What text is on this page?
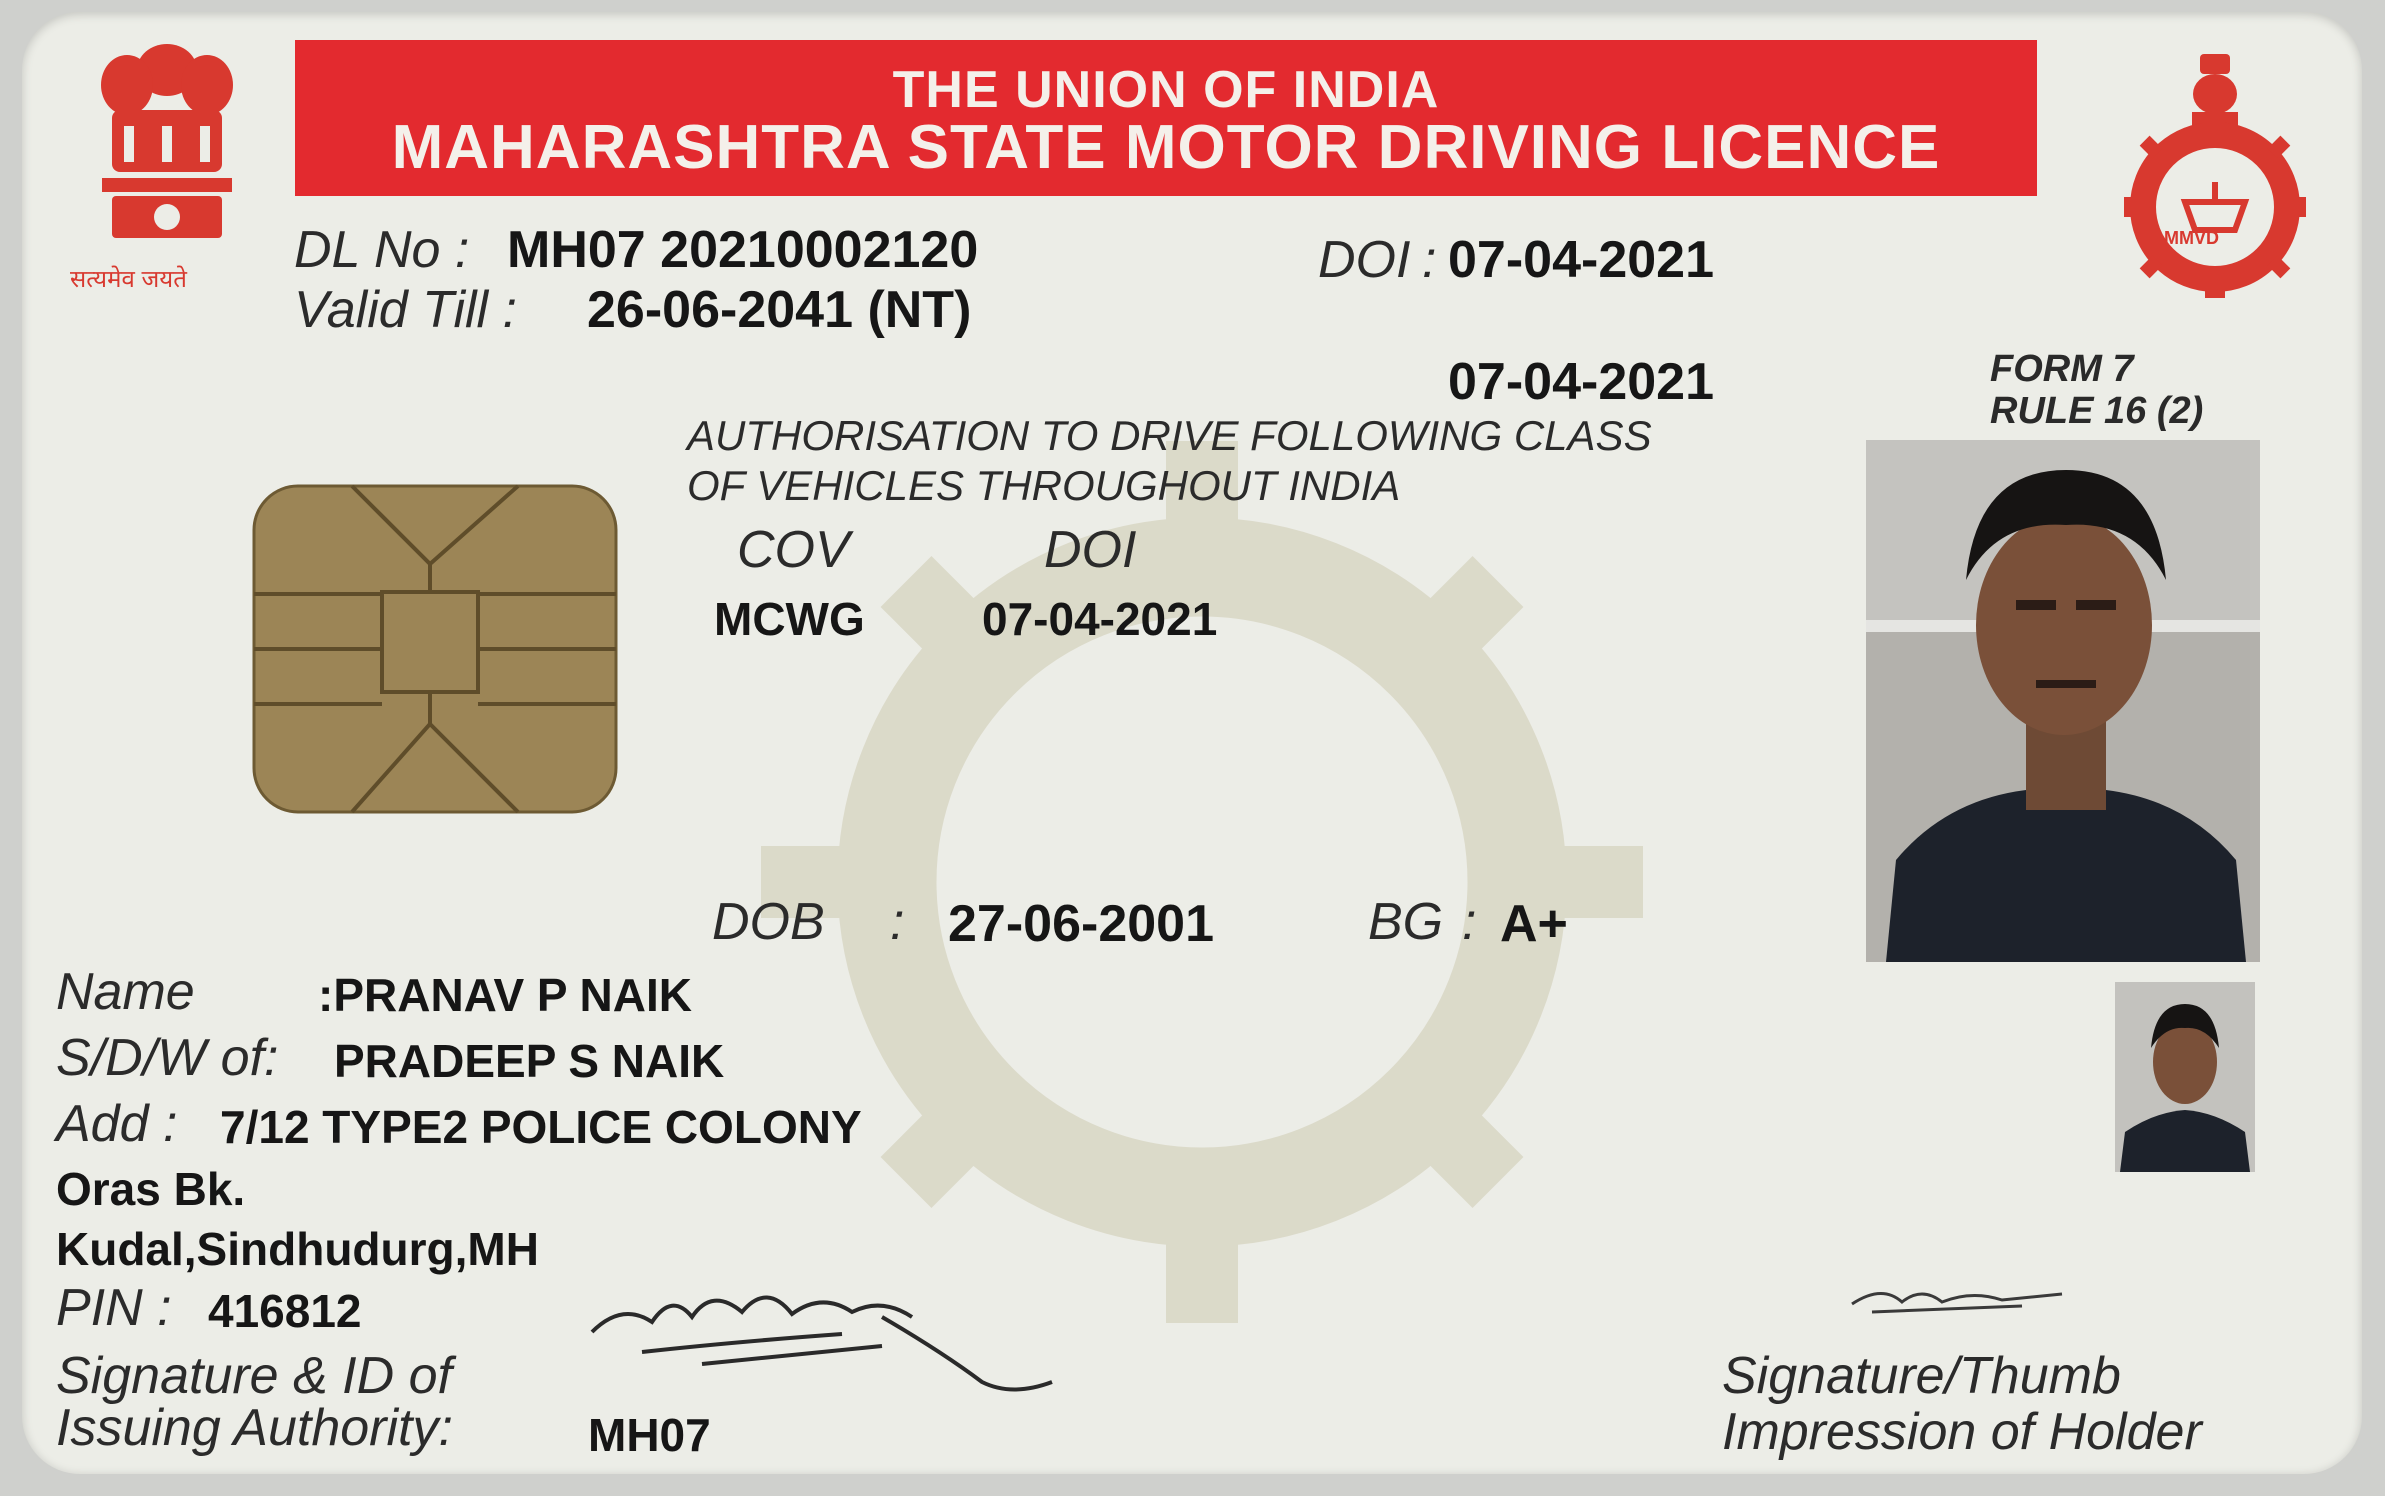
सत्यमेव जयते
THE UNION OF INDIA
MAHARASHTRA STATE MOTOR DRIVING LICENCE
MMVD
DL No : MH07 20210002120
Valid Till : 26-06-2041 (NT)
DOI : 07-04-2021
07-04-2021	FORM 7
RULE 16 (2)
AUTHORISATION TO DRIVE FOLLOWING CLASS
OF VEHICLES THROUGHOUT INDIA
COV	DOI
MCWG	07-04-2021
DOB : 27-06-2001	BG : A+
Name	:PRANAV P NAIK
S/D/W of: PRADEEP S NAIK
Add : 7/12 TYPE2 POLICE COLONY
Oras Bk.
Kudal,Sindhudurg,MH
PIN : 416812
Signature & ID of
Issuing Authority:	MH07
Signature/Thumb
Impression of Holder
